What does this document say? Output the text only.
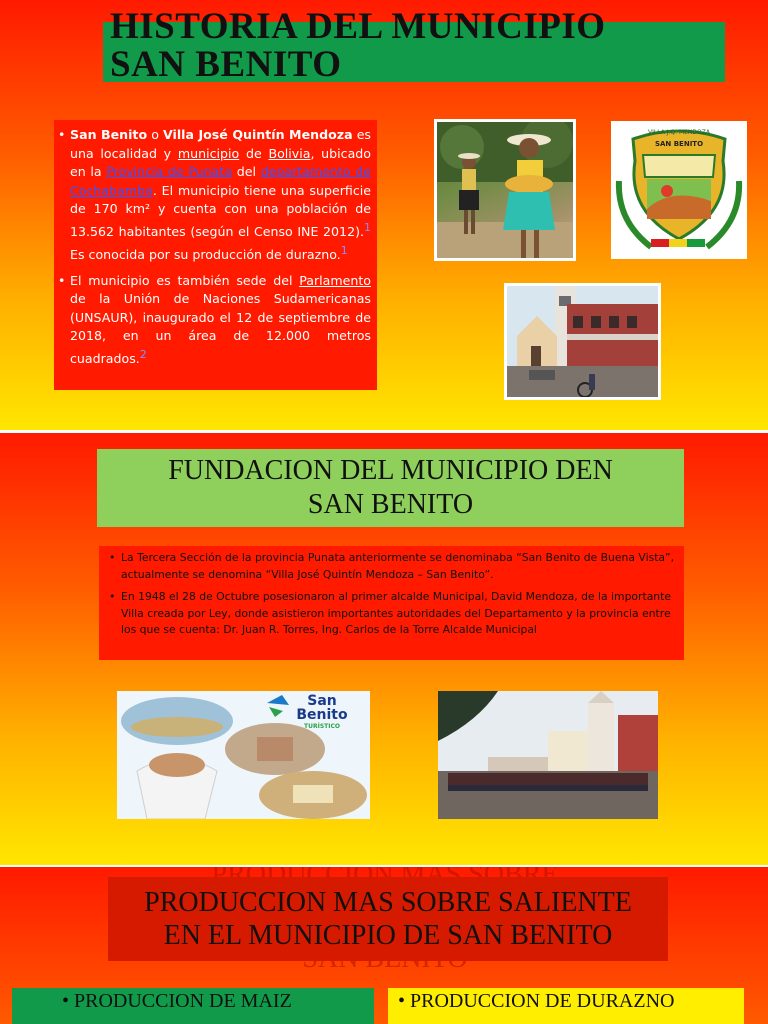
HISTORIA DEL MUNICIPIO
SAN BENITO
• San Benito o Villa José Quintín Mendoza es una localidad y municipio de Bolivia, ubicado en la Provincia de Punata del departamento de Cochabamba. El municipio tiene una superficie de 170 km² y cuenta con una población de 13.562 habitantes (según el Censo INE 2012).$^1$ Es conocida por su producción de durazno.$^1$
• El municipio es también sede del Parlamento de la Unión de Naciones Sudamericanas (UNSAUR), inaugurado el 12 de septiembre de 2018, en un área de 12.000 metros cuadrados.$^2$
VILLA J.Q. MENDOZA
SAN BENITO
FUNDACION DEL MUNICIPIO DEN
SAN BENITO
• La Tercera Sección de la provincia Punata anteriormente se denominaba “San Benito de Buena Vista”, actualmente se denomina “Villa José Quintín Mendoza – San Benito”.
• En 1948 el 28 de Octubre posesionaron al primer alcalde Municipal, David Mendoza, de la importante Villa creada por Ley, donde asistieron importantes autoridades del Departamento y la provincia entre los que se cuenta: Dr. Juan R. Torres, Ing. Carlos de la Torre Alcalde Municipal
San
Benito
TURÍSTICO
PRODUCCION MAS SOBRE SALIENTE
EN EL MUNICIPIO DE SAN BENITO
• PRODUCCION DE MAIZ	• PRODUCCION DE DURAZNO
